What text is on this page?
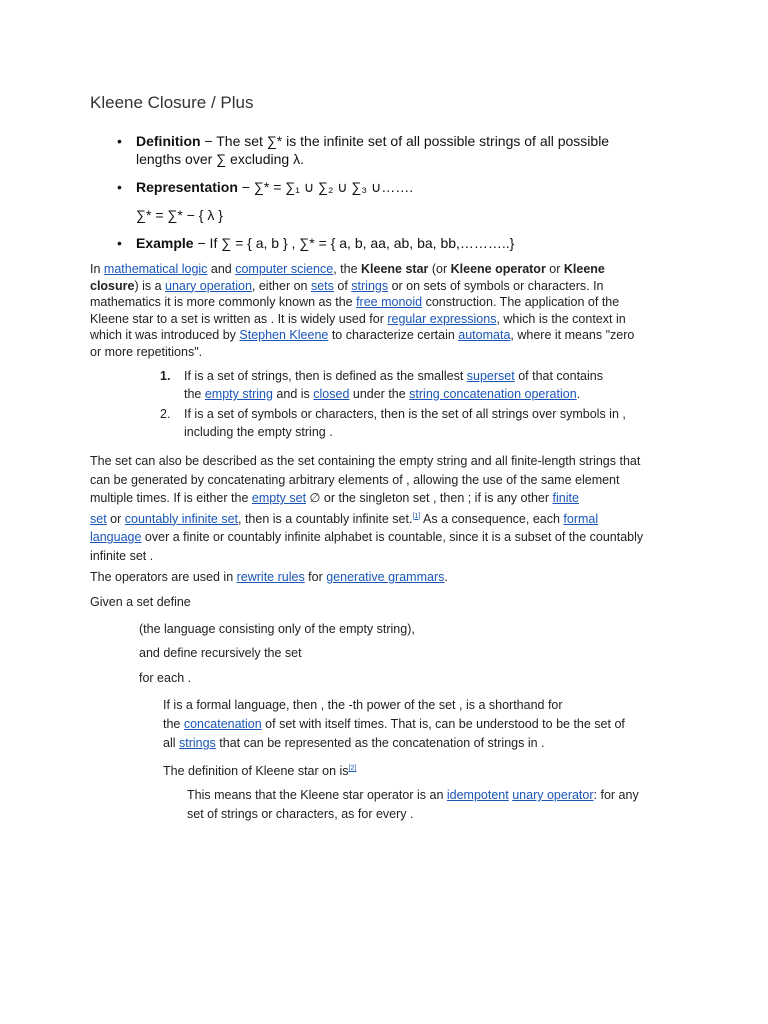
Kleene Closure / Plus
• Definition − The set ∑* is the infinite set of all possible strings of all possible
lengths over ∑ excluding λ.
• Representation − ∑* = ∑₁ ∪ ∑₂ ∪ ∑₃ ∪…….
∑* = ∑* − { λ }
• Example − If ∑ = { a, b } , ∑* = { a, b, aa, ab, ba, bb,………..}
In mathematical logic and computer science, the Kleene star (or Kleene operator or Kleene
closure) is a unary operation, either on sets of strings or on sets of symbols or characters. In
mathematics it is more commonly known as the free monoid construction. The application of the
Kleene star to a set is written as . It is widely used for regular expressions, which is the context in
which it was introduced by Stephen Kleene to characterize certain automata, where it means "zero
or more repetitions".
1. If is a set of strings, then is defined as the smallest superset of that contains
the empty string and is closed under the string concatenation operation.
2. If is a set of symbols or characters, then is the set of all strings over symbols in ,
including the empty string .
The set can also be described as the set containing the empty string and all finite-length strings that
can be generated by concatenating arbitrary elements of , allowing the use of the same element
multiple times. If is either the empty set ∅ or the singleton set , then ; if is any other finite
set or countably infinite set, then is a countably infinite set.[1] As a consequence, each formal
language over a finite or countably infinite alphabet is countable, since it is a subset of the countably
infinite set .
The operators are used in rewrite rules for generative grammars.
Given a set define
(the language consisting only of the empty string),
and define recursively the set
for each .
If is a formal language, then , the -th power of the set , is a shorthand for
the concatenation of set with itself times. That is, can be understood to be the set of
all strings that can be represented as the concatenation of strings in .
The definition of Kleene star on is[2]
This means that the Kleene star operator is an idempotent unary operator: for any
set of strings or characters, as for every .
